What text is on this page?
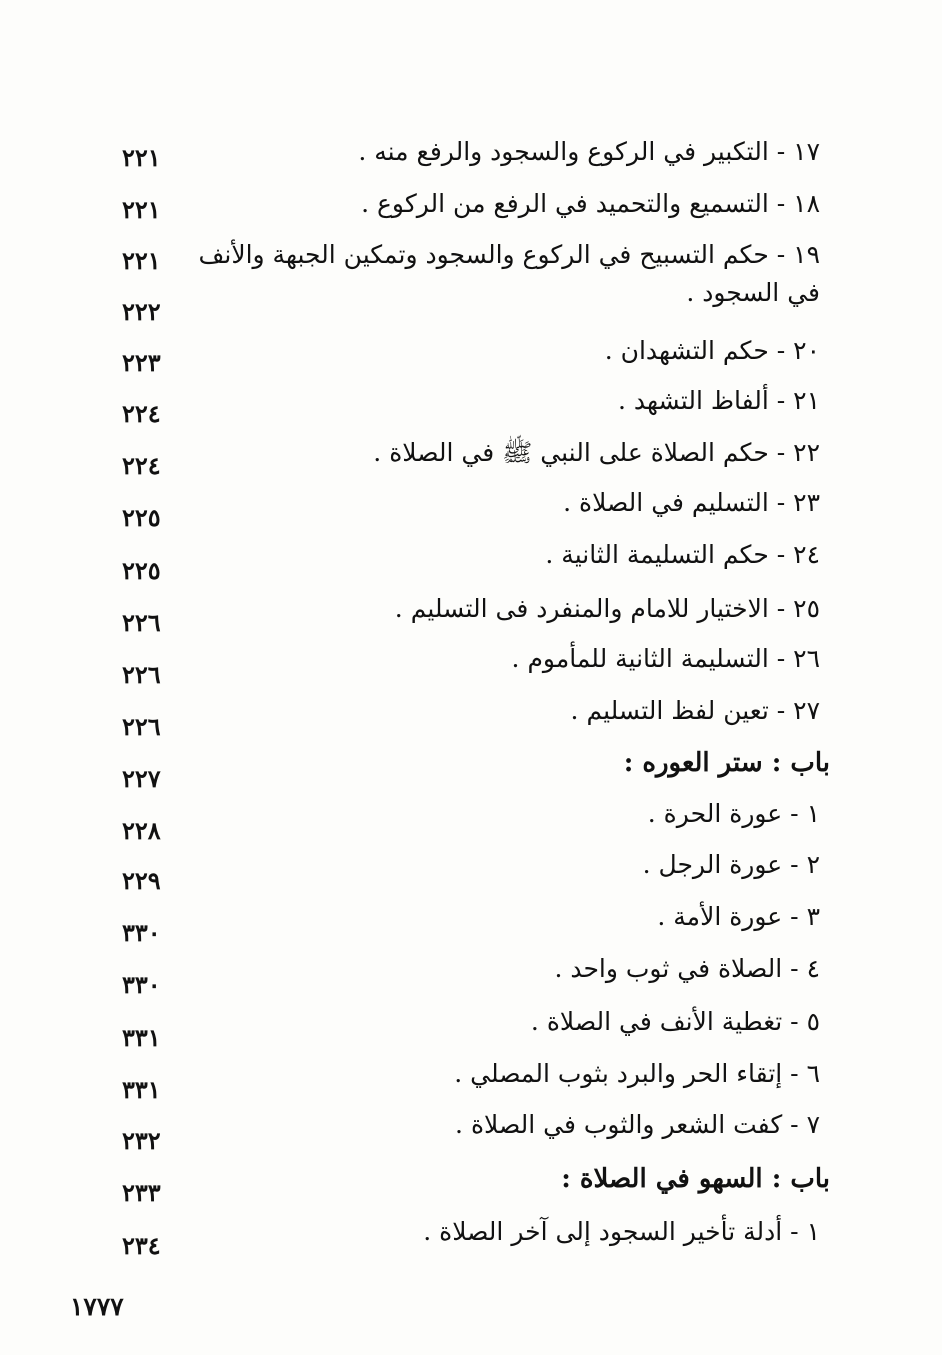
١٧ - التكبير في الركوع والسجود والرفع منه .
٢٢١
١٨ - التسميع والتحميد في الرفع من الركوع .
٢٢١
١٩ - حكم التسبيح في الركوع والسجود وتمكين الجبهة والأنف في السجود .
٢٢١
٢٢٢
٢٠ - حكم التشهدان .
٢٢٣
٢١ - ألفاظ التشهد .
٢٢٤
٢٢ - حكم الصلاة على النبي ﷺ في الصلاة .
٢٢٤
٢٣ - التسليم في الصلاة .
٢٢٥
٢٤ - حكم التسليمة الثانية .
٢٢٥
٢٥ - الاختيار للامام والمنفرد فى التسليم .
٢٢٦
٢٦ - التسليمة الثانية للمأموم .
٢٢٦
٢٧ - تعين لفظ التسليم .
٢٢٦
باب : ستر العوره :
٢٢٧
١ - عورة الحرة .
٢٢٨
٢ - عورة الرجل .
٢٢٩
٣ - عورة الأمة .
٣٣٠
٤ - الصلاة في ثوب واحد .
٣٣٠
٥ - تغطية الأنف في الصلاة .
٣٣١
٦ - إتقاء الحر والبرد بثوب المصلي .
٣٣١
٧ - كفت الشعر والثوب في الصلاة .
٢٣٢
باب : السهو في الصلاة :
٢٣٣
١ - أدلة تأخير السجود إلى آخر الصلاة .
٢٣٤
١٧٧٧
